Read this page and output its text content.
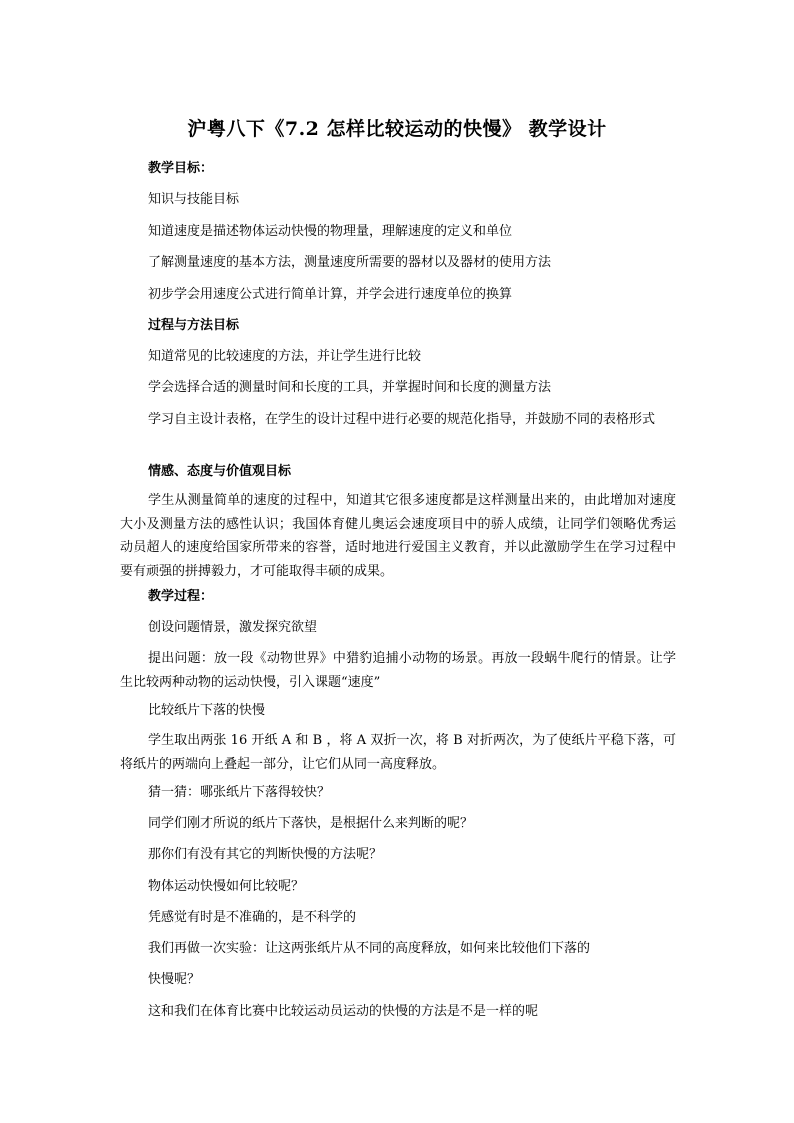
沪粤八下《7.2 怎样比较运动的快慢》 教学设计
教学目标：
知识与技能目标
知道速度是描述物体运动快慢的物理量，理解速度的定义和单位
了解测量速度的基本方法，测量速度所需要的器材以及器材的使用方法
初步学会用速度公式进行简单计算，并学会进行速度单位的换算
过程与方法目标
知道常见的比较速度的方法，并让学生进行比较
学会选择合适的测量时间和长度的工具，并掌握时间和长度的测量方法
学习自主设计表格，在学生的设计过程中进行必要的规范化指导，并鼓励不同的表格形式
情感、态度与价值观目标
学生从测量简单的速度的过程中，知道其它很多速度都是这样测量出来的，由此增加对速度大小及测量方法的感性认识；我国体育健儿奥运会速度项目中的骄人成绩，让同学们领略优秀运动员超人的速度给国家所带来的容誉，适时地进行爱国主义教育，并以此激励学生在学习过程中要有顽强的拼搏毅力，才可能取得丰硕的成果。
教学过程：
创设问题情景，激发探究欲望
提出问题：放一段《动物世界》中猎豹追捕小动物的场景。再放一段蜗牛爬行的情景。让学生比较两种动物的运动快慢，引入课题“速度”
比较纸片下落的快慢
学生取出两张 16 开纸 A 和 B ，将 A 双折一次，将 B 对折两次，为了使纸片平稳下落，可将纸片的两端向上叠起一部分，让它们从同一高度释放。
猜一猜：哪张纸片下落得较快？
同学们刚才所说的纸片下落快，是根据什么来判断的呢？
那你们有没有其它的判断快慢的方法呢？
物体运动快慢如何比较呢？
凭感觉有时是不准确的，是不科学的
我们再做一次实验：让这两张纸片从不同的高度释放，如何来比较他们下落的
快慢呢？
这和我们在体育比赛中比较运动员运动的快慢的方法是不是一样的呢
